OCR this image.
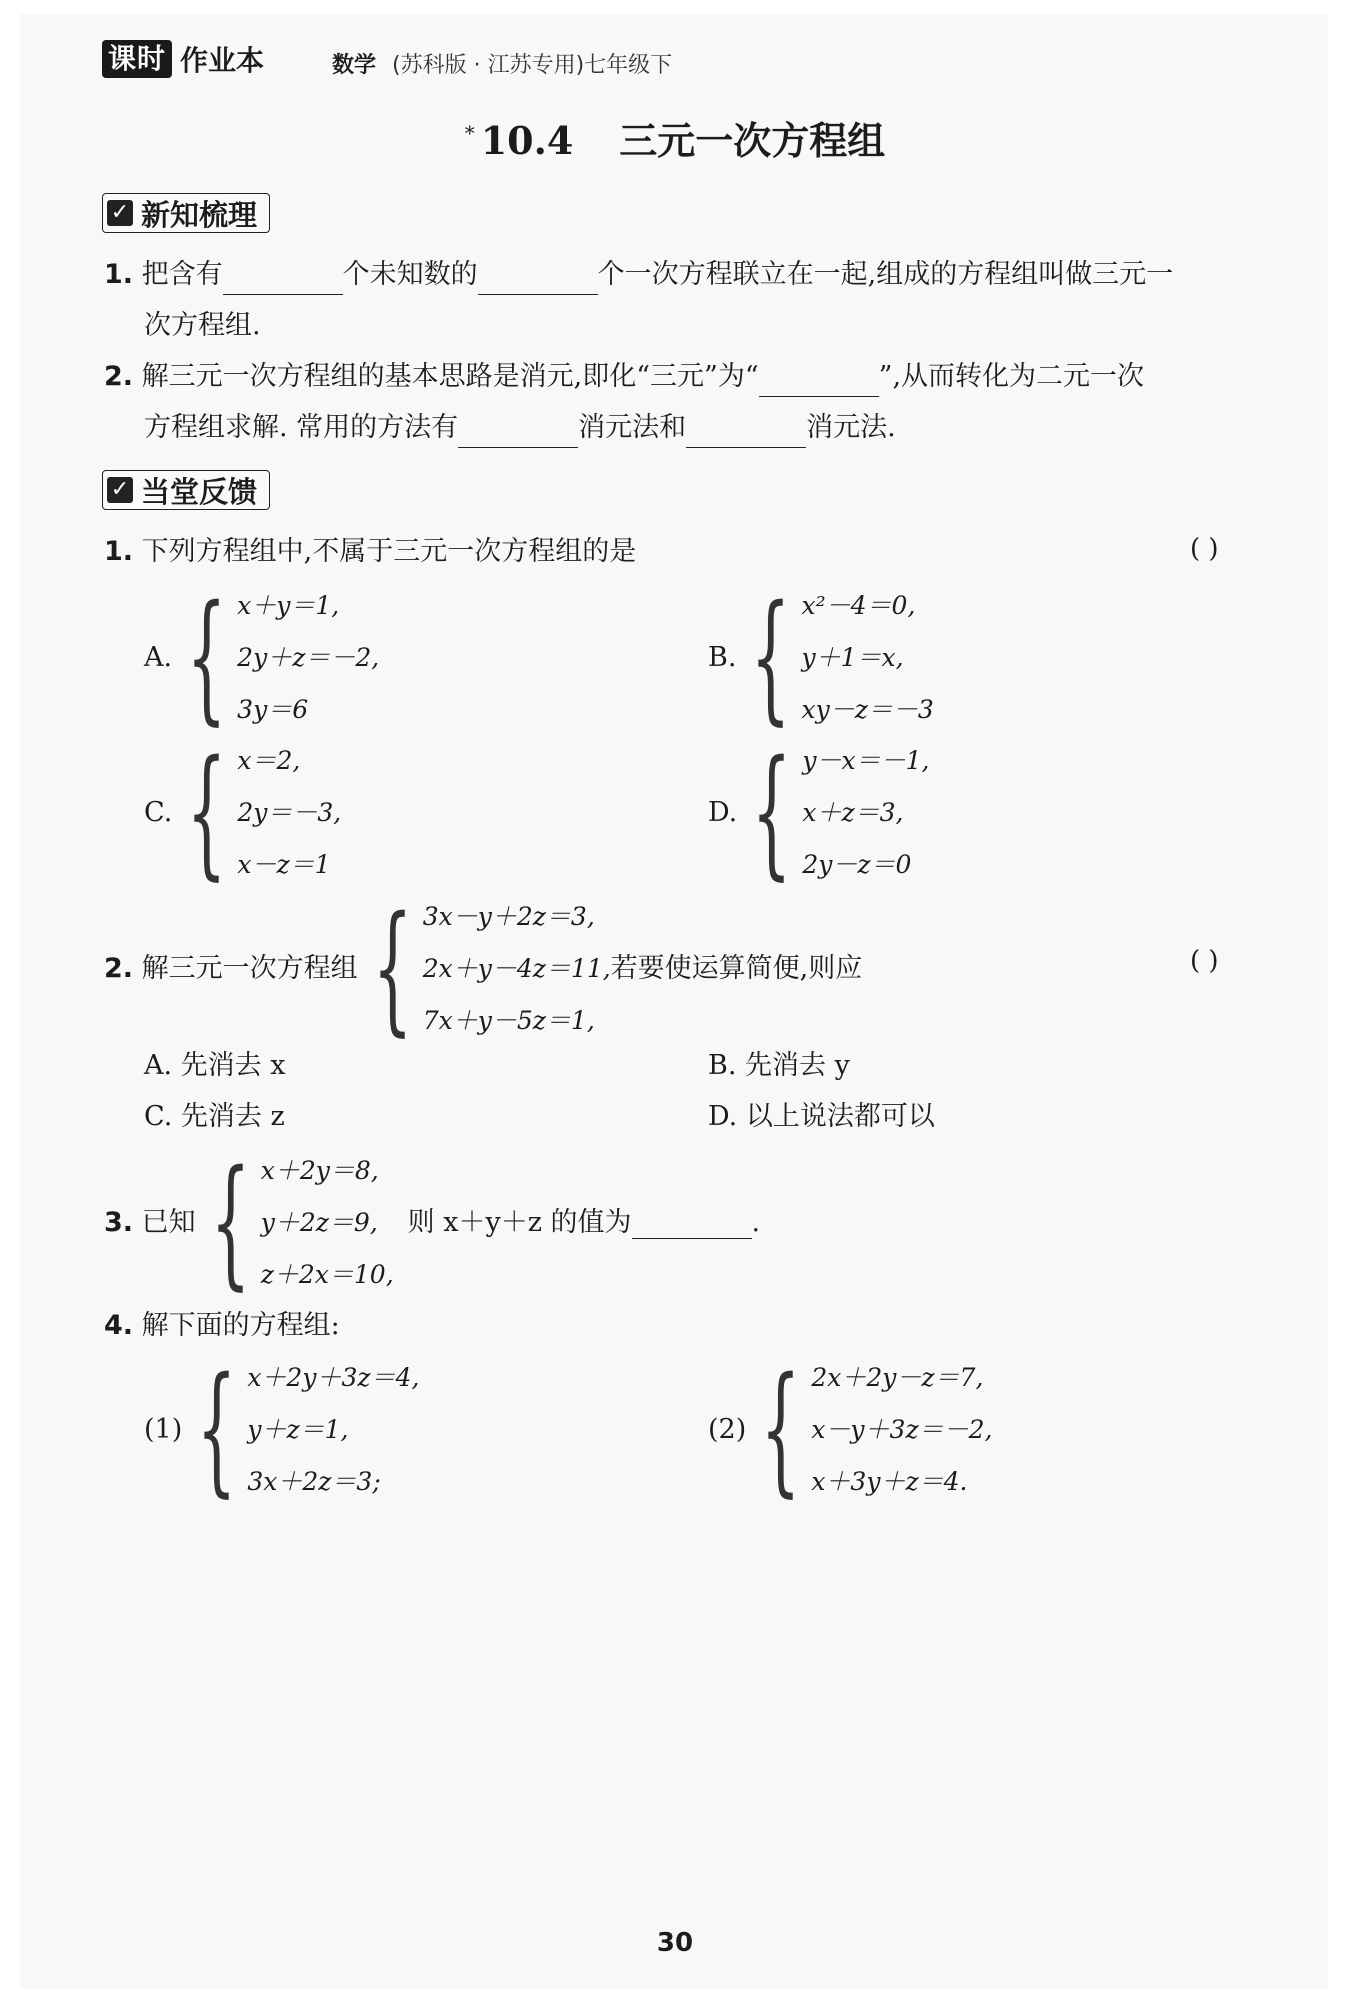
课时 作业本	数学 (苏科版 · 江苏专用)七年级下
* 10.4 三元一次方程组
✓ 新知梳理
1. 把含有	个未知数的	个一次方程联立在一起,组成的方程组叫做三元一
次方程组.
2. 解三元一次方程组的基本思路是消元,即化“三元”为“	”,从而转化为二元一次
方程组求解. 常用的方法有	消元法和	消元法.
✓ 当堂反馈
1. 下列方程组中,不属于三元一次方程组的是	( )
A. { x＋y＝1,
2y＋z＝－2,
3y＝6
B. { x²－4＝0,
y＋1＝x,
xy－z＝－3
C. { x＝2,
2y＝－3,
x－z＝1
D. { y－x＝－1,
x＋z＝3,
2y－z＝0
2. 解三元一次方程组 { 3x－y＋2z＝3,
2x＋y－4z＝11,
7x＋y－5z＝1,
若要使运算简便,则应	( )
A. 先消去 x	B. 先消去 y
C. 先消去 z	D. 以上说法都可以
3. 已知 { x＋2y＝8,
y＋2z＝9,
z＋2x＝10,
则 x＋y＋z 的值为	.
4. 解下面的方程组:
(1) { x＋2y＋3z＝4,
y＋z＝1,
3x＋2z＝3;
(2) { 2x＋2y－z＝7,
x－y＋3z＝－2,
x＋3y＋z＝4.
30
